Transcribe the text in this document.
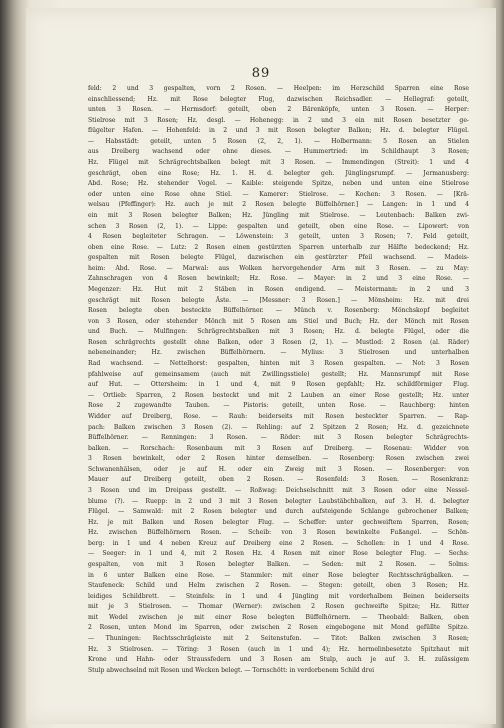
89
feld: 2 und 3 gespalten, vorn 2 Rosen. — Heelpen: im Herzschild Sparren eine Rose
einschliessend; Hz. mit Rose belegter Flug, dazwischen Reichsadler. — Hellegraf: geteilt,
unten 3 Rosen. — Hermsdorf: geteilt, oben 2 Bärenköpfe, unten 3 Rosen. — Herper:
Stielrose mit 3 Rosen; Hz. desgl. — Hohenegg: in 2 und 3 ein mit Rosen besetzter ge-
flügelter Hafen. — Hohenfeld: in 2 und 3 mit Rosen belegter Balken; Hz. d. belegter Flügel.
— Habsstädt: geteilt, unten 5 Rosen (2, 2, 1). — Holbermann: 5 Rosen an Stielen
aus Dreiberg wachsend oder ohne dieses. — Hummertried: im Schildhaupt 3 Rosen;
Hz. Flügel mit Schrägrechtsbalken belegt mit 3 Rosen. — Immendingen (Streit): 1 und 4
geschrägt, oben eine Rose; Hz. 1. H. d. belegter geh. Jünglingsrumpf. — Jermanusberg:
Abd. Rose; Hz. stehender Vogel. — Kaible: steigende Spitze, neben und unten eine Stielrose
oder unten eine Rose ohne Stiel. — Kamerer: Stielrose. — Kochen: 3 Rosen. — [Krä-
welsau (Pfeffinger): Hz. auch je mit 2 Rosen belegte Büffelhörner.] — Langen: in 1 und 4
ein mit 3 Rosen belegter Balken; Hz. Jüngling mit Stielrose. — Leutenbach: Balken zwi-
schen 3 Rosen (2, 1). — Lippe: gespalten und geteilt, oben eine Rose. — Lipowert: von
4 Rosen begleiteter Schragen. — Löwenstein: 3 geteilt, unten 3 Rosen; 7. Feld geteilt,
oben eine Rose. — Lutz: 2 Rosen einen gestürzten Sparren unterhalb zur Hälfte bedeckend; Hz.
gespalten mit Rosen belegte Flügel, dazwischen ein gestürzter Pfeil wachsend. — Madeis-
heim: Abd. Rose. — Marwal: aus Wolken hervorgehender Arm mit 3 Rosen. — zu May:
Zahnschragen von 4 Rosen bewinkelt; Hz. Rose. — Mayer: in 2 und 3 eine Rose. —
Megenzer: Hz. Hut mit 2 Stäben in Rosen endigend. — Meistermann: in 2 und 3
geschrägt mit Rosen belegte Äste. — [Messner: 3 Rosen.] — Mönsheim: Hz. mit drei
Rosen belegte oben besteckte Büffelhörner. — Münch v. Rosenberg: Mönchskopf begleitet
von 3 Rosen, oder stehender Mönch mit 5 Rosen am Stiel und Buch; Hz. der Mönch mit Rosen
und Buch. — Mulfingen: Schrägrechtsbalken mit 3 Rosen; Hz. d. belegte Flügel, oder die
Rosen schrägrechts gestellt ohne Balken, oder 3 Rosen (2, 1). — Mustlod: 2 Rosen (al. Räder)
nebeneinander; Hz. zwischen Büffelhörnern. — Mylius: 3 Stielrosen und unterhalben
Rad wachsend. — Nettelhorst: gespalten, hinten mit 3 Rosen gespalten. — Not: 3 Rosen
pfahlweise auf gemeinsamem (auch mit Zwillingsstiele) gestellt; Hz. Mannsrumpf mit Rose
auf Hut. — Ottersheim: in 1 und 4, mit 9 Rosen gepfahlt; Hz. schildförmiger Flug.
— Ortlieb: Sparren, 2 Rosen besteckt und mit 2 Lauben an einer Rose gestellt; Hz. unter
Rose 2 zugewandte Tauben. — Pistoris: geteilt, unten Rose. — Rauchberg: hinten
Widder auf Dreiberg, Rose. — Rauh: beiderseits mit Rosen besteckter Sparren. — Rap-
pach: Balken zwischen 3 Rosen (2). — Rehling: auf 2 Spitzen 2 Rosen; Hz. d. gezeichnete
Büffelhörner. — Renningen: 3 Rosen. — Röder: mit 3 Rosen belegter Schrägrechts-
balken. — Rorschach: Rosenbaum mit 3 Rosen auf Dreiberg. — Rosenau: Widder von
3 Rosen bewinkelt, oder 2 Rosen hinter demselben. — Rosenberg: Rosen zwischen zwei
Schwanenhälsen, oder je auf H. oder ein Zweig mit 3 Rosen. — Rosenberger: von
Mauer auf Dreiberg geteilt, oben 2 Rosen. — Rosenfeld: 3 Rosen. — Rosenkranz:
3 Rosen und im Dreipass gestellt. — Roßwag: Deichselschnitt mit 3 Rosen oder eine Nessel-
blume (?). — Ruepp: in 2 und 3 mit 3 Rosen belegter Laubstäbchbalken, auf 3. H. d. belegter
Flügel. — Samwald: mit 2 Rosen belegter und durch aufsteigende Schlange gebrochener Balken;
Hz. je mit Balken und Rosen belegter Flug. — Scheffer: unter gechweiftem Sparren, Rosen;
Hz. zwischen Büffelhörnern Rosen. — Scheib: von 3 Rosen bewinkelte Fußangel. — Schön-
berg: in 1 und 4 neben Kreuz auf Dreiberg eine 2 Rosen. — Schollen: in 1 und 4 Rose.
— Seeger: in 1 und 4, mit 2 Rosen Hz. 4 Rosen mit einer Rose belegter Flug. — Sechs:
gespalten, von mit 3 Rosen belegter Balken. — Seden: mit 2 Rosen. — Solms:
in 6 unter Balken eine Rose. — Stammler: mit einer Rose belegter Rechtsschrägbalken. —
Staufeneck: Schild und Helm zwischen 2 Rosen. — Stegen: geteilt, oben 3 Rosen; Hz.
leidiges Schildbrett. — Steinfels: in 1 und 4 Jüngling mit vorderhalbem Beinen beiderseits
mit je 3 Stielrosen. — Thomar (Werner): zwischen 2 Rosen gechweifte Spitze; Hz. Ritter
mit Wedel zwischen je mit einer Rose belegten Büffelhörnern. — Theobald: Balken, oben
2 Rosen, unten Mond im Sparren, oder zwischen 2 Rosen eingebogene mit Mond gefüllte Spitze.
— Thuningen: Rechtsschrägleiste mit 2 Seitenstufen. — Titot: Balken zwischen 3 Rosen;
Hz. 3 Stielrosen. — Töring: 3 Rosen (auch in 1 und 4); Hz. hermelinbesetzte Spitzhaut mit
Krone und Hahn- oder Straussfedern und 3 Rosen am Stulp, auch je auf 3. H. zulässigem
Stulp abwechselnd mit Rosen und Wecken belegt. — Tornschött: in verdorbenem Schild drei
